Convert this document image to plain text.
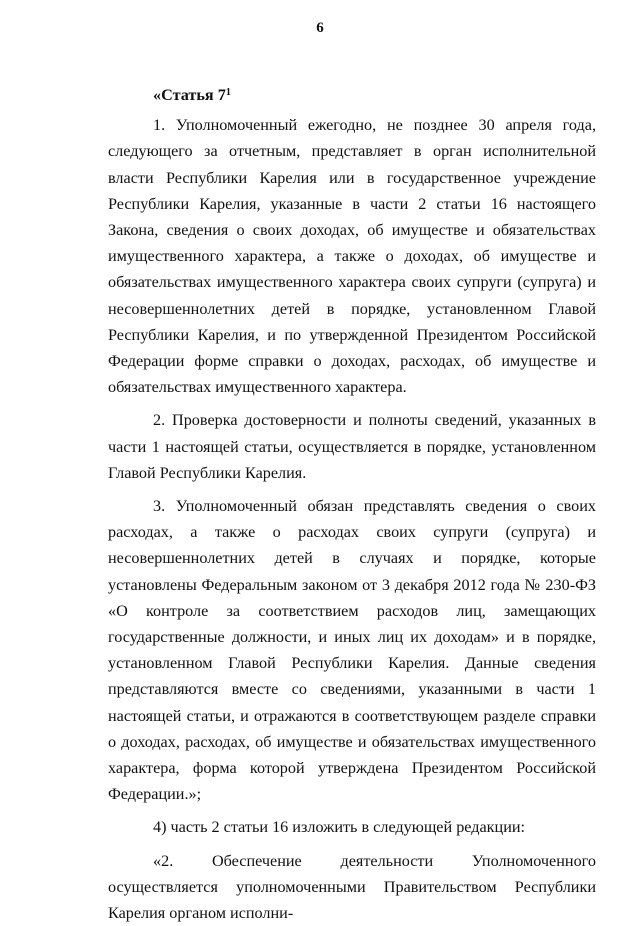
6

«Статья $7^1$

1. Уполномоченный ежегодно, не позднее 30 апреля года, следующего за отчетным, представляет в орган исполнительной власти Республики Карелия или в государственное учреждение Республики Карелия, указанные в части 2 статьи 16 настоящего Закона, сведения о своих доходах, об имуществе и обязательствах имущественного характера, а также о доходах, об имуществе и обязательствах имущественного характера своих супруги (супруга) и несовершеннолетних детей в порядке, установленном Главой Республики Карелия, и по утвержденной Президентом Российской Федерации форме справки о доходах, расходах, об имуществе и обязательствах имущественного характера.

2. Проверка достоверности и полноты сведений, указанных в части 1 настоящей статьи, осуществляется в порядке, установленном Главой Республики Карелия.

3. Уполномоченный обязан представлять сведения о своих расходах, а также о расходах своих супруги (супруга) и несовершеннолетних детей в случаях и порядке, которые установлены Федеральным законом от 3 декабря 2012 года № 230-ФЗ «О контроле за соответствием расходов лиц, замещающих государственные должности, и иных лиц их доходам» и в порядке, установленном Главой Республики Карелия. Данные сведения представляются вместе со сведениями, указанными в части 1 настоящей статьи, и отражаются в соответствующем разделе справки о доходах, расходах, об имуществе и обязательствах имущественного характера, форма которой утверждена Президентом Российской Федерации.»;

4) часть 2 статьи 16 изложить в следующей редакции:

«2. Обеспечение деятельности Уполномоченного осуществляется уполномоченными Правительством Республики Карелия органом исполни-
